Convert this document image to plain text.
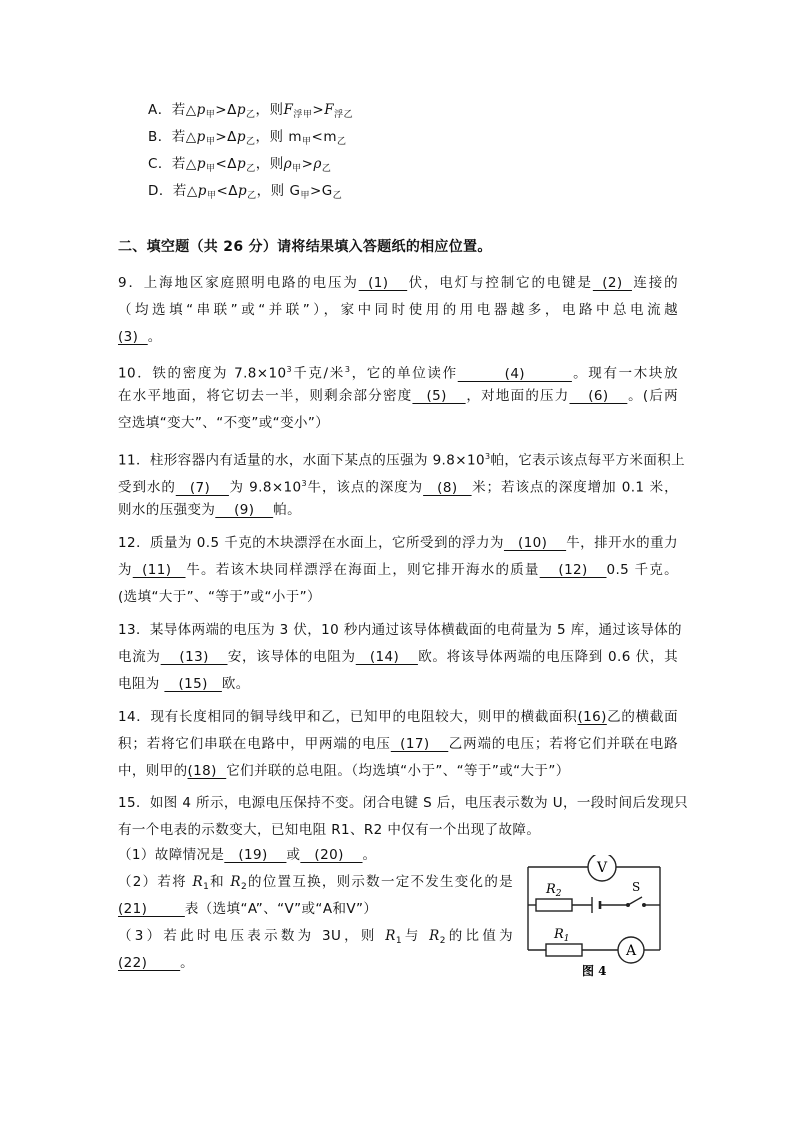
A．若$\triangle p_甲>\Delta p_乙$，则$F_{浮甲}>F_{浮乙}$
B．若$\triangle p_甲>\Delta p_乙$，则 $m_甲<m_乙$
C．若$\triangle p_甲<\Delta p_乙$，则$\rho_甲>\rho_乙$
D．若$\triangle p_甲<\Delta p_乙$，则 $G_甲>G_乙$
二、填空题（共 26 分）请将结果填入答题纸的相应位置。
9．上海地区家庭照明电路的电压为  (1)    伏，电灯与控制它的电键是  (2)  连接的
（均选填“串联”或“并联”），家中同时使用的用电器越多，电路中总电流越
(3)  。
10．铁的密度为 $7.8\times 10^3$千克/米$^3$，它的单位读作          (4)          。现有一木块放
在水平地面，将它切去一半，则剩余部分密度   (5)    ，对地面的压力    (6)    。(后两
空选填“变大”、“不变”或“变小”）
11．柱形容器内有适量的水，水面下某点的压强为 $9.8\times 10^3$帕，它表示该点每平方米面积上
受到水的   (7)    为 $9.8\times 10^3$牛，该点的深度为   (8)   米；若该点的深度增加 0.1 米，
则水的压强变为    (9)    帕。
12．质量为 0.5 千克的木块漂浮在水面上，它所受到的浮力为   (10)    牛，排开水的重力
为  (11)   牛。若该木块同样漂浮在海面上，则它排开海水的质量    (12)    0.5 千克。
(选填“大于”、“等于”或“小于”）
13．某导体两端的电压为 3 伏，10 秒内通过该导体横截面的电荷量为 5 库，通过该导体的
电流为    (13)    安，该导体的电阻为   (14)    欧。将该导体两端的电压降到 0.6 伏，其
电阻为    (15)   欧。
14．现有长度相同的铜导线甲和乙，已知甲的电阻较大，则甲的横截面积(16)乙的横截面
积；若将它们串联在电路中，甲两端的电压  (17)    乙两端的电压；若将它们并联在电路
中，则甲的(18)  它们并联的总电阻。（均选填“小于”、“等于”或“大于”）
15．如图 4 所示，电源电压保持不变。闭合电键 S 后，电压表示数为 U，一段时间后发现只
有一个电表的示数变大，已知电阻 R1、R2 中仅有一个出现了故障。
（1）故障情况是   (19)    或   (20)    。
（2）若将 $R_1$和 $R_2$的位置互换，则示数一定不发生变化的是
(21)        表（选填“A”、“V”或“A和V”）
（3）若此时电压表示数为 3U，则 $R_1$与 $R_2$的比值为
(22)       。
V
$R_2$	S
$R_1$
A
图 4
